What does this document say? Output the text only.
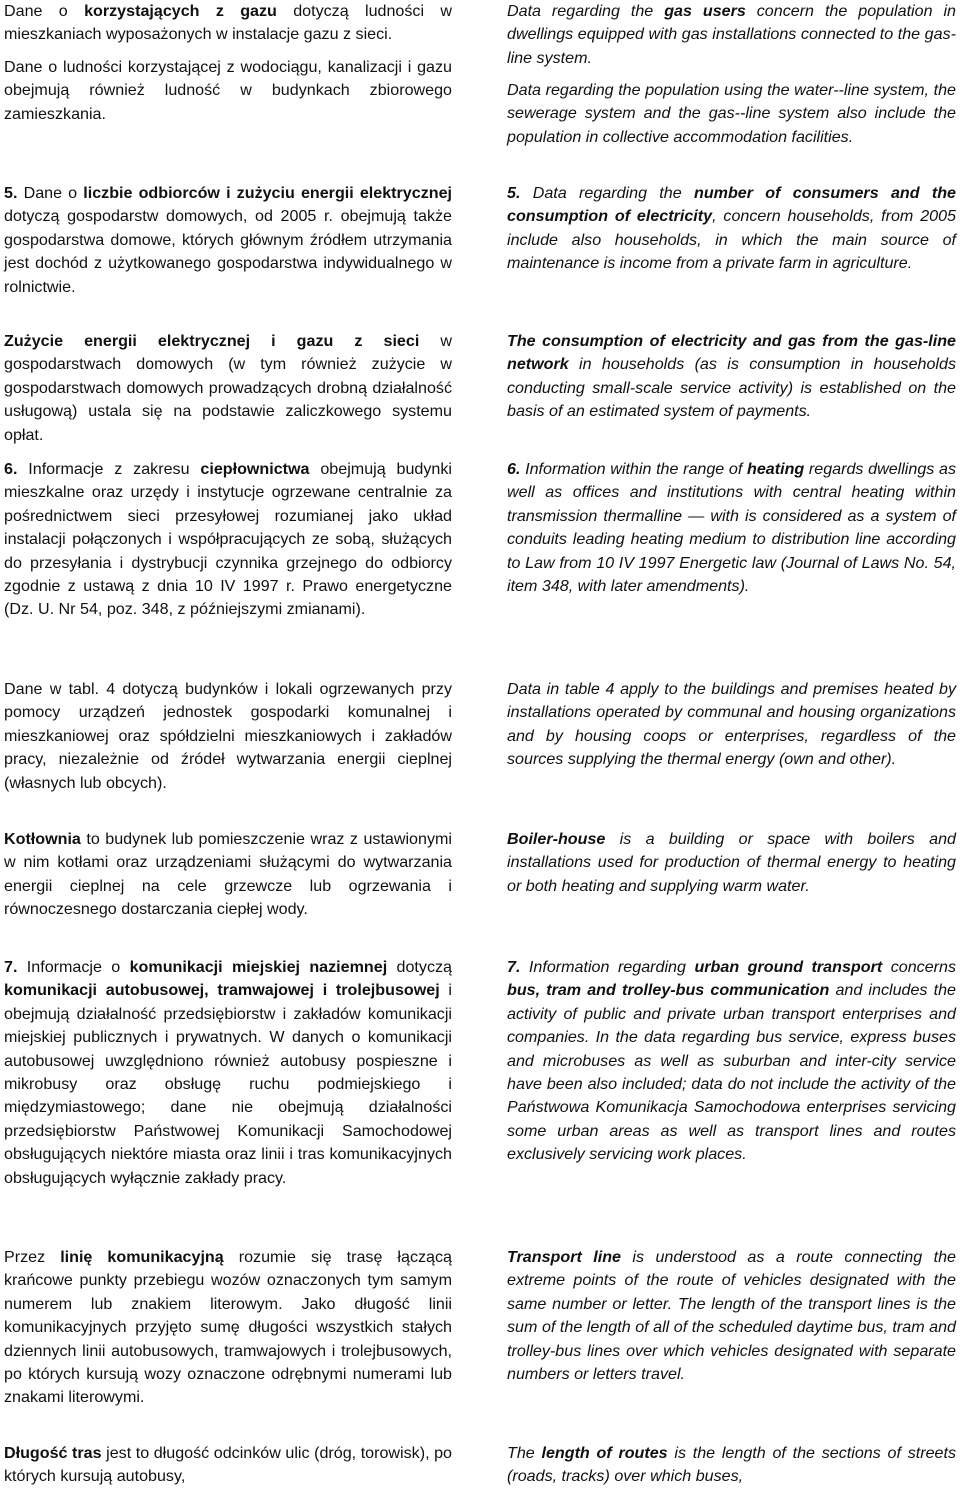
Dane o korzystających z gazu dotyczą ludności w mieszkaniach wyposażonych w instalacje gazu z sieci.

Dane o ludności korzystającej z wodociągu, kanalizacji i gazu obejmują również ludność w budynkach zbiorowego zamieszkania.

5. Dane o liczbie odbiorców i zużyciu energii elektrycznej dotyczą gospodarstw domowych, od 2005 r. obejmują także gospodarstwa domowe, których głównym źródłem utrzymania jest dochód z użytkowanego gospodarstwa indywidualnego w rolnictwie.

Zużycie energii elektrycznej i gazu z sieci w gospodarstwach domowych (w tym również zużycie w gospodarstwach domowych prowadzących drobną działalność usługową) ustala się na podstawie zaliczkowego systemu opłat.

6. Informacje z zakresu ciepłownictwa obejmują budynki mieszkalne oraz urzędy i instytucje ogrzewane centralnie za pośrednictwem sieci przesyłowej rozumianej jako układ instalacji połączonych i współpracujących ze sobą, służących do przesyłania i dystrybucji czynnika grzejnego do odbiorcy zgodnie z ustawą z dnia 10 IV 1997 r. Prawo energetyczne (Dz. U. Nr 54, poz. 348, z późniejszymi zmianami).

Dane w tabl. 4 dotyczą budynków i lokali ogrzewanych przy pomocy urządzeń jednostek gospodarki komunalnej i mieszkaniowej oraz spółdzielni mieszkaniowych i zakładów pracy, niezależnie od źródeł wytwarzania energii cieplnej (własnych lub obcych).

Kotłownia to budynek lub pomieszczenie wraz z ustawionymi w nim kotłami oraz urządzeniami służącymi do wytwarzania energii cieplnej na cele grzewcze lub ogrzewania i równoczesnego dostarczania ciepłej wody.

7. Informacje o komunikacji miejskiej naziemnej dotyczą komunikacji autobusowej, tramwajowej i trolejbusowej i obejmują działalność przedsiębiorstw i zakładów komunikacji miejskiej publicznych i prywatnych. W danych o komunikacji autobusowej uwzględniono również autobusy pospieszne i mikrobusy oraz obsługę ruchu podmiejskiego i międzymiastowego; dane nie obejmują działalności przedsiębiorstw Państwowej Komunikacji Samochodowej obsługujących niektóre miasta oraz linii i tras komunikacyjnych obsługujących wyłącznie zakłady pracy.

Przez linię komunikacyjną rozumie się trasę łączącą krańcowe punkty przebiegu wozów oznaczonych tym samym numerem lub znakiem literowym. Jako długość linii komunikacyjnych przyjęto sumę długości wszystkich stałych dziennych linii autobusowych, tramwajowych i trolejbusowych, po których kursują wozy oznaczone odrębnymi numerami lub znakami literowymi.

Długość tras jest to długość odcinków ulic (dróg, torowisk), po których kursują autobusy,

Data regarding the gas users concern the population in dwellings equipped with gas installations connected to the gas-line system.

Data regarding the population using the water--line system, the sewerage system and the gas--line system also include the population in collective accommodation facilities.

5. Data regarding the number of consumers and the consumption of electricity, concern households, from 2005 include also households, in which the main source of maintenance is income from a private farm in agriculture.

The consumption of electricity and gas from the gas-line network in households (as is consumption in households conducting small-scale service activity) is established on the basis of an estimated system of payments.

6. Information within the range of heating regards dwellings as well as offices and institutions with central heating within transmission thermalline — with is considered as a system of conduits leading heating medium to distribution line according to Law from 10 IV 1997 Energetic law (Journal of Laws No. 54, item 348, with later amendments).

Data in table 4 apply to the buildings and premises heated by installations operated by communal and housing organizations and by housing coops or enterprises, regardless of the sources supplying the thermal energy (own and other).

Boiler-house is a building or space with boilers and installations used for production of thermal energy to heating or both heating and supplying warm water.

7. Information regarding urban ground transport concerns bus, tram and trolley-bus communication and includes the activity of public and private urban transport enterprises and companies. In the data regarding bus service, express buses and microbuses as well as suburban and inter-city service have been also included; data do not include the activity of the Państwowa Komunikacja Samochodowa enterprises servicing some urban areas as well as transport lines and routes exclusively servicing work places.

Transport line is understood as a route connecting the extreme points of the route of vehicles designated with the same number or letter. The length of the transport lines is the sum of the length of all of the scheduled daytime bus, tram and trolley-bus lines over which vehicles designated with separate numbers or letters travel.

The length of routes is the length of the sections of streets (roads, tracks) over which buses,
